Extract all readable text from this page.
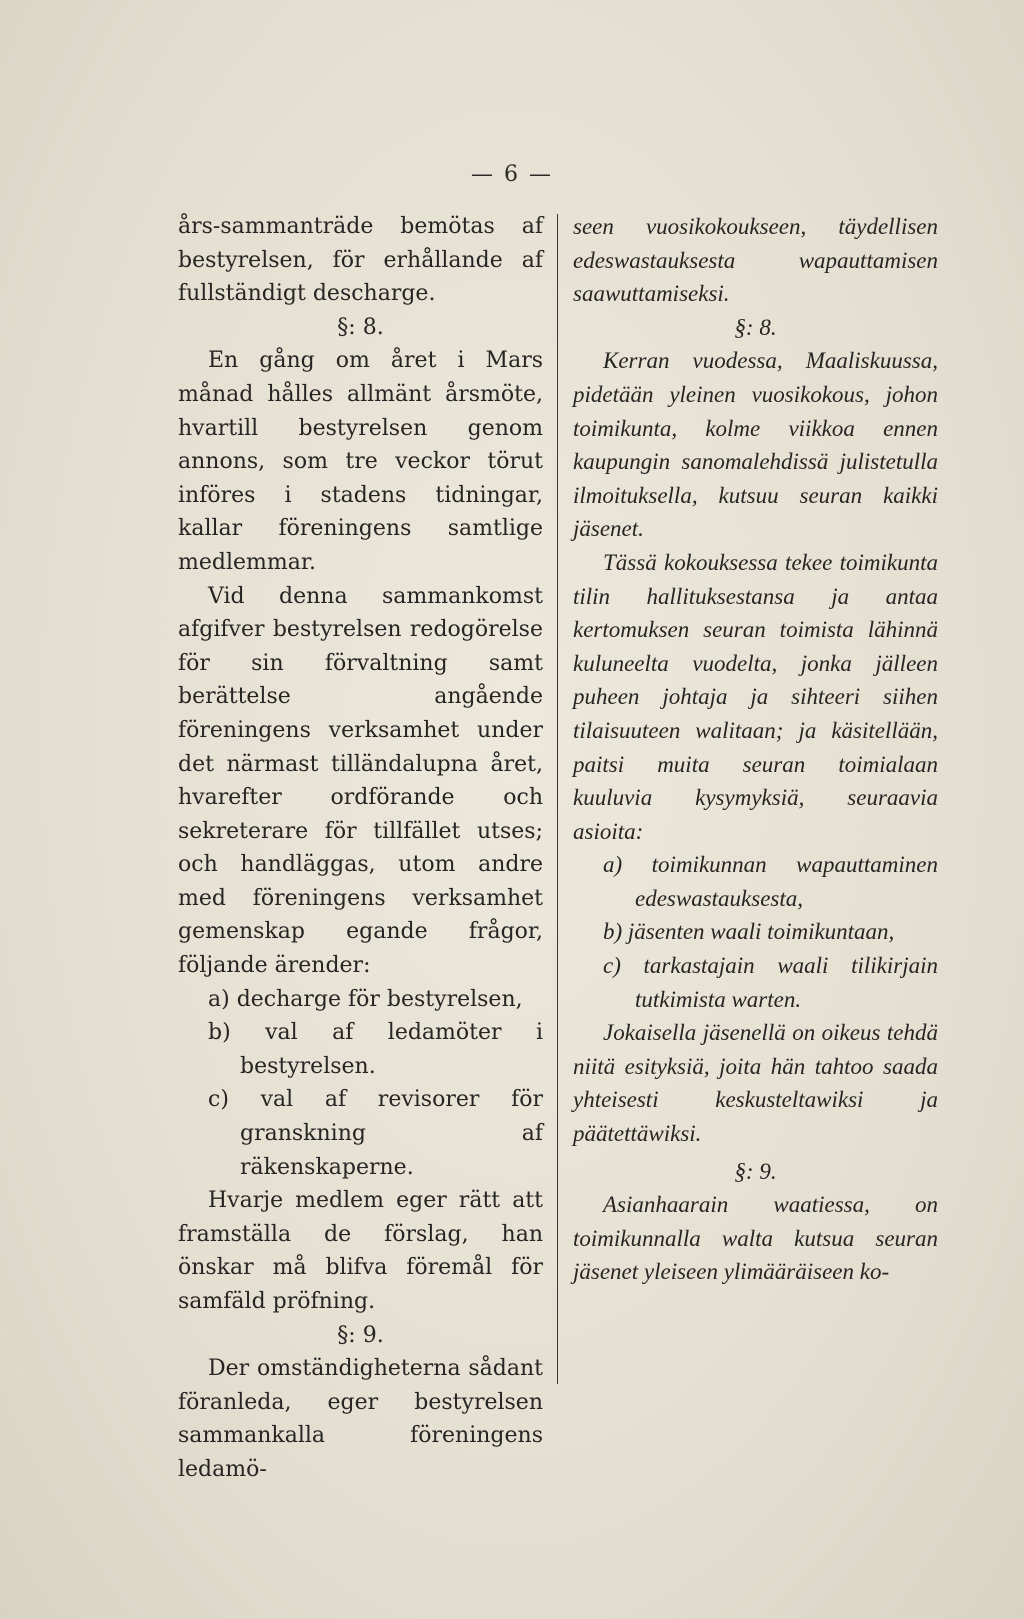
— 6 —

års-sammanträde bemötas af bestyrelsen, för erhållande af fullständigt descharge.

§: 8.

En gång om året i Mars månad hålles allmänt årsmöte, hvartill bestyrelsen genom annons, som tre veckor törut införes i stadens tidningar, kallar föreningens samtlige medlemmar.

Vid denna sammankomst afgifver bestyrelsen redogörelse för sin förvaltning samt berättelse angående föreningens verksamhet under det närmast tilländalupna året, hvarefter ordförande och sekreterare för tillfället utses; och handläggas, utom andre med föreningens verksamhet gemenskap egande frågor, följande ärender:

a) decharge för bestyrelsen,

b) val af ledamöter i bestyrelsen.

c) val af revisorer för granskning af räkenskaperne.

Hvarje medlem eger rätt att framställa de förslag, han önskar må blifva föremål för samfäld pröfning.

§: 9.

Der omständigheterna sådant föranleda, eger bestyrelsen sammankalla föreningens ledamö-

seen vuosikokoukseen, täydellisen edeswastauksesta wapauttamisen saawuttamiseksi.

§: 8.

Kerran vuodessa, Maaliskuussa, pidetään yleinen vuosikokous, johon toimikunta, kolme viikkoa ennen kaupungin sanomalehdissä julistetulla ilmoituksella, kutsuu seuran kaikki jäsenet.

Tässä kokouksessa tekee toimikunta tilin hallituksestansa ja antaa kertomuksen seuran toimista lähinnä kuluneelta vuodelta, jonka jälleen puheen johtaja ja sihteeri siihen tilaisuuteen walitaan; ja käsitellään, paitsi muita seuran toimialaan kuuluvia kysymyksiä, seuraavia asioita:

a) toimikunnan wapauttaminen edeswastauksesta,

b) jäsenten waali toimikuntaan,

c) tarkastajain waali tilikirjain tutkimista warten.

Jokaisella jäsenellä on oikeus tehdä niitä esityksiä, joita hän tahtoo saada yhteisesti keskusteltawiksi ja päätettäwiksi.

§: 9.

Asianhaarain waatiessa, on toimikunnalla walta kutsua seuran jäsenet yleiseen ylimääräiseen ko-
